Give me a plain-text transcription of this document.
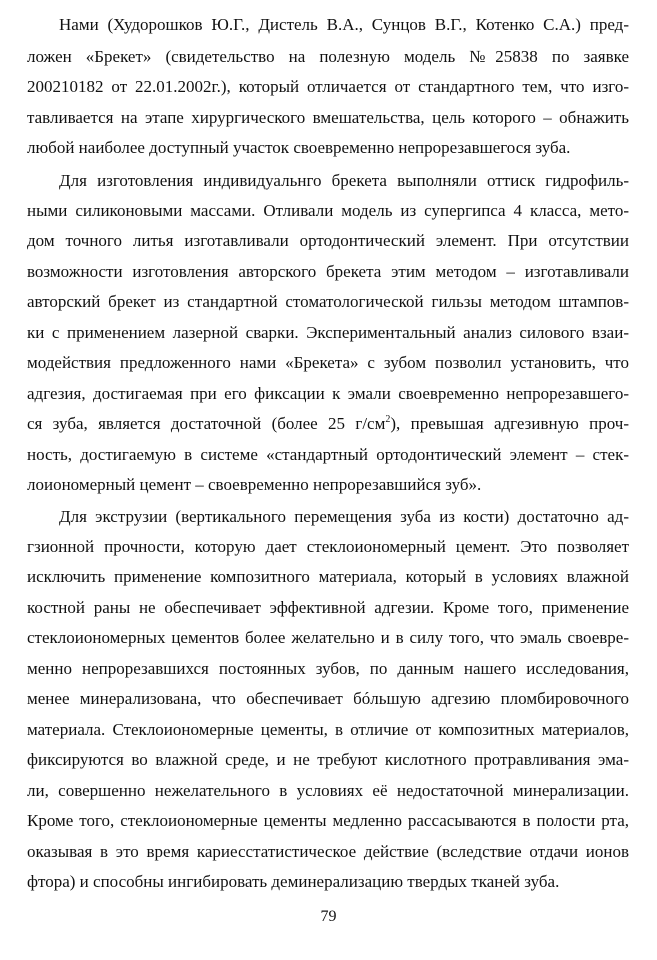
Нами (Худорошков Ю.Г., Дистель В.А., Сунцов В.Г., Котенко С.А.) пред-
ложен «Брекет» (свидетельство на полезную модель №25838 по заявке
200210182 от 22.01.2002г.), который отличается от стандартного тем, что изго-
тавливается на этапе хирургического вмешательства, цель которого – обнажить
любой наиболее доступный участок своевременно непрорезавшегося зуба.
Для изготовления индивидуальнго брекета выполняли оттиск гидрофиль-
ными силиконовыми массами. Отливали модель из супергипса 4 класса, мето-
дом точного литья изготавливали ортодонтический элемент. При отсутствии
возможности изготовления авторского брекета этим методом – изготавливали
авторский брекет из стандартной стоматологической гильзы методом штампов-
ки с применением лазерной сварки. Экспериментальный анализ силового взаи-
модействия предложенного нами «Брекета» с зубом позволил установить, что
адгезия, достигаемая при его фиксации к эмали своевременно непрорезавшего-
ся зуба, является достаточной (более 25 $г/см^2$), превышая адгезивную проч-
ность, достигаемую в системе «стандартный ортодонтический элемент – стек-
лоиономерный цемент – своевременно непрорезавшийся зуб».
Для экструзии (вертикального перемещения зуба из кости) достаточно ад-
гзионной прочности, которую дает стеклоиономерный цемент. Это позволяет
исключить применение композитного материала, который в условиях влажной
костной раны не обеспечивает эффективной адгезии. Кроме того, применение
стеклоиономерных цементов более желательно и в силу того, что эмаль своевре-
менно непрорезавшихся постоянных зубов, по данным нашего исследования,
менее минерализована, что обеспечивает бóльшую адгезию пломбировочного
материала. Стеклоиономерные цементы, в отличие от композитных материалов,
фиксируются во влажной среде, и не требуют кислотного протравливания эма-
ли, совершенно нежелательного в условиях её недостаточной минерализации.
Кроме того, стеклоиономерные цементы медленно рассасываются в полости рта,
оказывая в это время кариесстатистическое действие (вследствие отдачи ионов
фтора) и способны ингибировать деминерализацию твердых тканей зуба.
79
